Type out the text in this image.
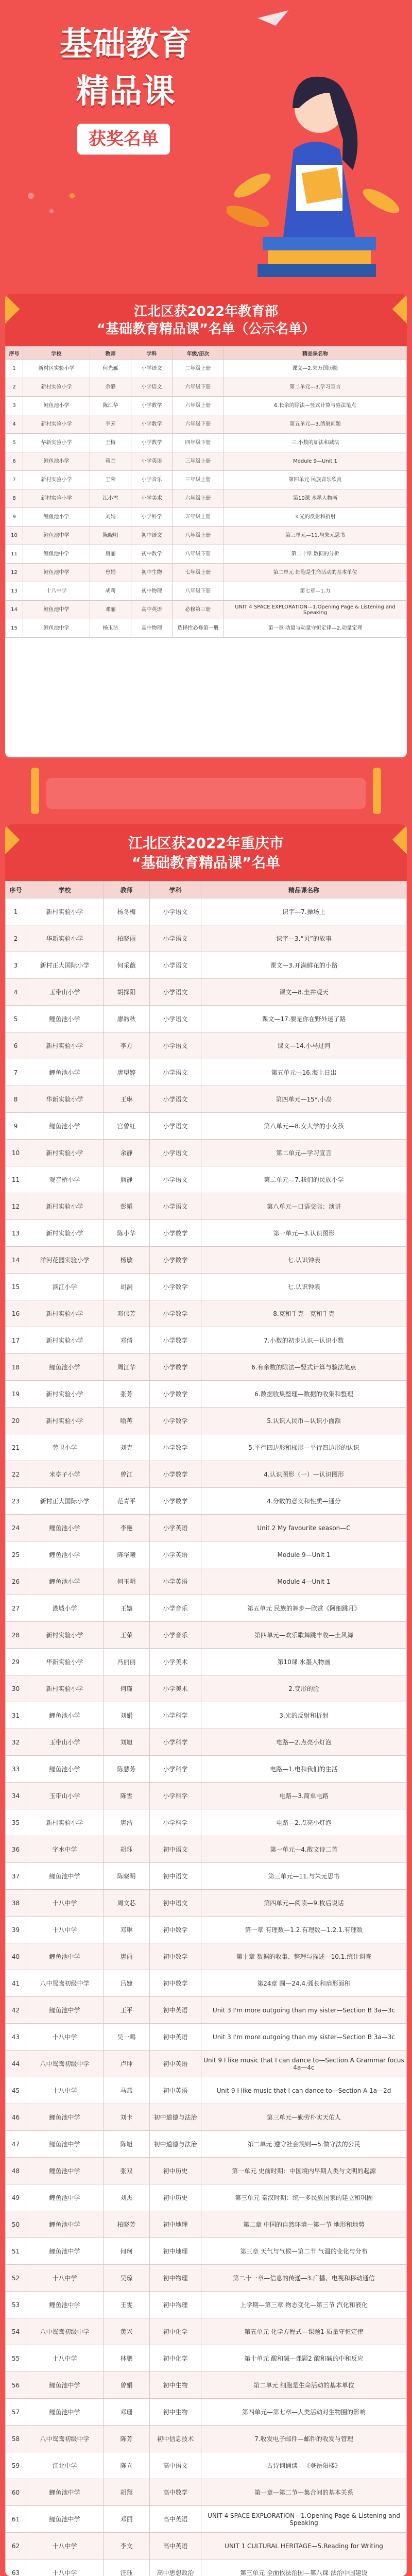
基础教育
精品课
获奖名单
江北区获2022年教育部
“基础教育精品课”名单（公示名单）
序号	学校	教师	学科	年级/册次	精品课名称
1	新村区实验小学	何光雁	小学语文	二年级上册	课文—2.朱万国历险
2	新村实验小学	余静	小学语文	六年级下册	第二单元—3.学习宣言
3	鲤鱼池小学	陈江华	小学数学	六年级上册	6.长余的除法—竖式计算与验法笔点
4	新村实验小学	李芳	小学数学	六年级下册	第五单元—3.鸽巢问题
5	华新实验小学	王梅	小学数学	四年级下册	三.小数的加法和减法
6	鲤鱼池小学	蒋兰	小学英语	三年级上册	Module 9—Unit 1
7	新村实验小学	王荣	小学音乐	三年级上册	第四单元 民族音乐欣赏
8	新村实验小学	江小雪	小学美术	六年级上册	第10课 水墨人物画
9	鲤鱼池小学	刘娟	小学科学	五年级上册	3.光的反射和折射
10	鲤鱼池中学	陈晓明	初中语文	八年级上册	第三单元—11.与朱元思书
11	鲤鱼池中学	唐丽	初中数学	八年级下册	第二十章 数据的分析
12	鲤鱼池中学	曾娟	初中生物	七年级上册	第二单元 细胞是生命活动的基本单位
13	十八中学	胡莉	初中物理	八年级下册	第七章—1.力
14	鲤鱼池中学	邓丽	高中英语	必修第三册	UNIT 4 SPACE EXPLORATION—1.Opening Page & Listening and Speaking
15	鲤鱼池中学	杨玉洁	高中物理	选择性必修第一册	第一章 动量与动量守恒定律—2.动量定理
江北区获2022年重庆市
“基础教育精品课”名单
序号	学校	教师	学科	精品课名称
1	新村实验小学	杨冬梅	小学语文	识字—7.操场上
2	华新实验小学	柏晓丽	小学语文	识字—3.“贝”的故事
3	新村正大国际小学	何采薇	小学语文	课文—3.开满鲜花的小路
4	玉带山小学	胡探阳	小学语文	课文—8.坐井观天
5	鲤鱼池小学	廖韵秋	小学语文	课文—17.要是你在野外迷了路
6	新村实验小学	李方	小学语文	课文—14.小马过河
7	鲤鱼池小学	唐望婷	小学语文	第五单元—16.海上日出
8	华新实验小学	王琳	小学语文	第四单元—15*.小岛
9	鲤鱼池小学	宫曾红	小学语文	第八单元—8.女大学的小女孩
10	新村实验小学	余静	小学语文	第二单元—学习宣言
11	观音桥小学	熊静	小学语文	第二单元—7.我们的民族小学
12	新村实验小学	彭韬	小学语文	第八单元—口语交际：演讲
13	新村实验小学	陈小华	小学数学	第一单元—3.认识图形
14	洋河花园实验小学	杨敏	小学数学	七.认识钟表
15	滨江小学	胡洞	小学数学	七.认识钟表
16	新村实验小学	邓伟芳	小学数学	8.克和千克—克和千克
17	新村实验小学	邓倩	小学数学	7.小数的初步认识—认识小数
18	鲤鱼池小学	周江华	小学数学	6.有余数的除法—竖式计算与验法笔点
19	新村实验小学	张芳	小学数学	6.数据收集整理—数据的收集和整理
20	新村实验小学	喻苒	小学数学	5.认识人民币—认识小面额
21	劳卫小学	刘克	小学数学	5.平行四边形和梯形—平行四边形的认识
22	米亭子小学	曾江	小学数学	4.认识图形（一）—认识图形
23	新村正大国际小学	范青平	小学数学	4.分数的意义和性质—通分
24	鲤鱼池小学	李艳	小学英语	Unit 2 My favourite season—C
25	鲤鱼池小学	陈华曦	小学英语	Module 9—Unit 1
26	鲤鱼池小学	何玉明	小学英语	Module 4—Unit 1
27	港城小学	王嬝	小学音乐	第五单元 民族的舞步—欣赏《阿细跳月》
28	新村实验小学	王荣	小学音乐	第四单元—欢乐歌舞跳丰收—土风舞
29	华新实验小学	冯丽丽	小学美术	第10课 水墨人物画
30	新村实验小学	何瑾	小学美术	2.变形的脸
31	鲤鱼池小学	刘娟	小学科学	3.光的反射和折射
32	玉带山小学	刘旭	小学科学	电路—2.点亮小灯泡
33	鲤鱼池小学	陈慧芳	小学科学	电路—1.电和我们的生活
34	玉带山小学	陈雪	小学科学	电路—3.简单电路
35	新村实验小学	唐浩	小学科学	电路—2.点亮小灯泡
36	字水中学	胡珏	初中语文	第一单元—4.散文诗二首
37	鲤鱼池中学	陈晓明	初中语文	第三单元—11.与朱元思书
38	十八中学	周文芯	初中语文	第四单元—阅读—9.枚后说话
39	十八中学	邓琳	初中数学	第一章 有理数—1.2.有理数—1.2.1.有理数
40	鲤鱼池中学	唐丽	初中数学	第十章 数据的收集、整理与描述—10.1.统计调查
41	八中鸳鸯初级中学	吕婕	初中数学	第24章 圆—24.4.弧长和扇形面积
42	鲤鱼池中学	王平	初中英语	Unit 3 I'm more outgoing than my sister—Section B 3a—3c
43	十八中学	吴一鸣	初中英语	Unit 3 I'm more outgoing than my sister—Section B 3a—3c
44	八中鸳鸯初级中学	卢坤	初中英语	Unit 9 I like music that I can dance to—Section A Grammar focus 4a—4c
45	十八中学	马燕	初中英语	Unit 9 I like music that I can dance to—Section A 1a—2d
46	鲤鱼池中学	刘卡	初中道德与法治	第三单元—勤劳朴实天佑人
47	鲤鱼池中学	陈旭	初中道德与法治	第二单元 遵守社会规则—5.做守法的公民
48	鲤鱼池中学	张双	初中历史	第一单元 史前时期：中国境内早期人类与文明的起源
49	鲤鱼池中学	刘杰	初中历史	第三单元 秦汉时期：统一多民族国家的建立和巩固
50	鲤鱼池中学	柏晓芳	初中地理	第二章 中国的自然环境—第一节 地形和地势
51	鲤鱼池中学	何珂	初中地理	第三章 天气与气候—第二节 气温的变化与分布
52	十八中学	吴琼	初中物理	第二十一章—信息的传递—3.广播、电视和移动通信
53	鲤鱼池中学	王雯	初中物理	上学期—第三章 物态变化—第三节 汽化和液化
54	八中鸳鸯初级中学	黄兴	初中化学	第五单元 化学方程式—课题1 质量守恒定律
55	十八中学	林鹏	初中化学	第十单元 酸和碱—课题2 酸和碱的中和反应
56	鲤鱼池中学	曾娟	初中生物	第二单元 细胞是生命活动的基本单位
57	鲤鱼池中学	邓珊	初中生物	第四单元—第七章—人类活动对生物圈的影响
58	八中鸳鸯初级中学	陈芳	初中信息技术	7.收发电子邮件—邮件的收发与管理
59	江北中学	陈立	高中语文	古诗词诵读—《登岳阳楼》
60	鲤鱼池中学	胡翔	高中数学	第一章—第二节—集合间的基本关系
61	鲤鱼池中学	邓丽	高中英语	UNIT 4 SPACE EXPLORATION—1.Opening Page & Listening and Speaking
62	十八中学	李文	高中英语	UNIT 1 CULTURAL HERITAGE—5.Reading for Writing
63	十八中学	汪珏	高中思想政治	第三单元 全面依法治国—第八课 法治中国建设
